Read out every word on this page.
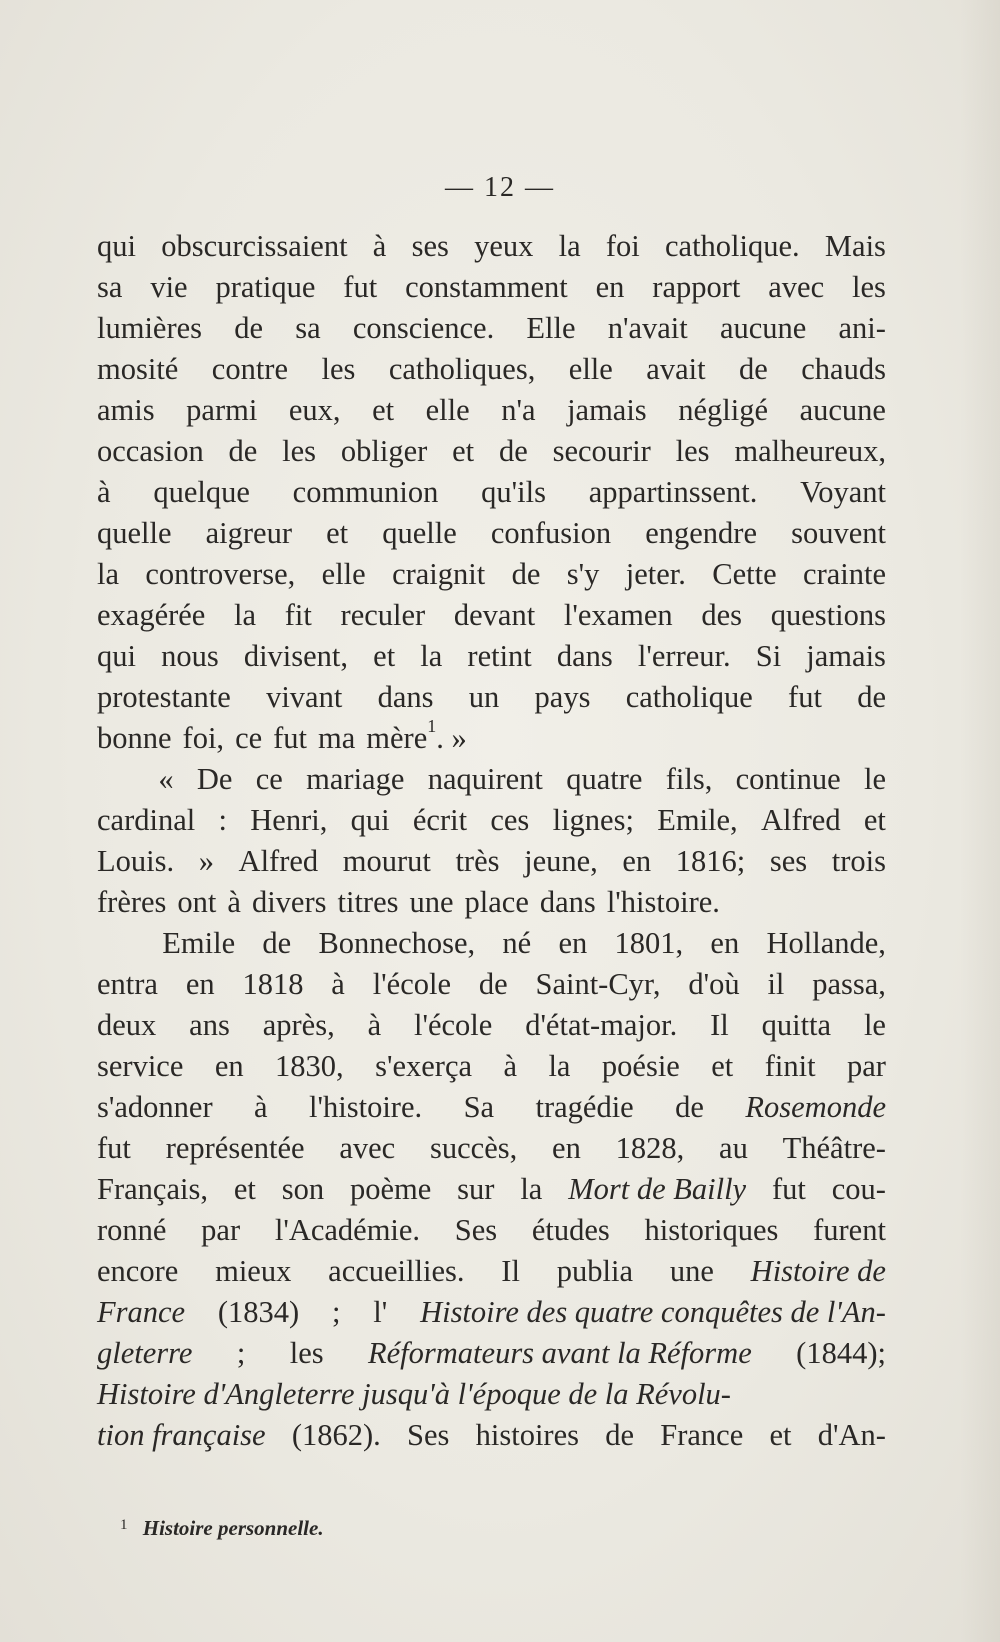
— 12 —
qui obscurcissaient à ses yeux la foi catholique. Mais
sa vie pratique fut constamment en rapport avec les
lumières de sa conscience. Elle n'avait aucune ani-
mosité contre les catholiques, elle avait de chauds
amis parmi eux, et elle n'a jamais négligé aucune
occasion de les obliger et de secourir les malheureux,
à quelque communion qu'ils appartinssent. Voyant
quelle aigreur et quelle confusion engendre souvent
la controverse, elle craignit de s'y jeter. Cette crainte
exagérée la fit reculer devant l'examen des questions
qui nous divisent, et la retint dans l'erreur. Si jamais
protestante vivant dans un pays catholique fut de
bonne foi, ce fut ma mère 1 . »
« De ce mariage naquirent quatre fils, continue le
cardinal : Henri, qui écrit ces lignes; Emile, Alfred et
Louis. » Alfred mourut très jeune, en 1816; ses trois
frères ont à divers titres une place dans l'histoire.
Emile de Bonnechose, né en 1801, en Hollande,
entra en 1818 à l'école de Saint-Cyr, d'où il passa,
deux ans après, à l'école d'état-major. Il quitta le
service en 1830, s'exerça à la poésie et finit par
s'adonner à l'histoire. Sa tragédie de Rosemonde
fut représentée avec succès, en 1828, au Théâtre-
Français, et son poème sur la Mort de Bailly fut cou-
ronné par l'Académie. Ses études historiques furent
encore mieux accueillies. Il publia une Histoire de
France (1834) ; l' Histoire des quatre conquêtes de l'An-
gleterre ; les Réformateurs avant la Réforme (1844);
Histoire d'Angleterre jusqu'à l'époque de la Révolu-
tion française (1862). Ses histoires de France et d'An-
$^1$ Histoire personnelle.
